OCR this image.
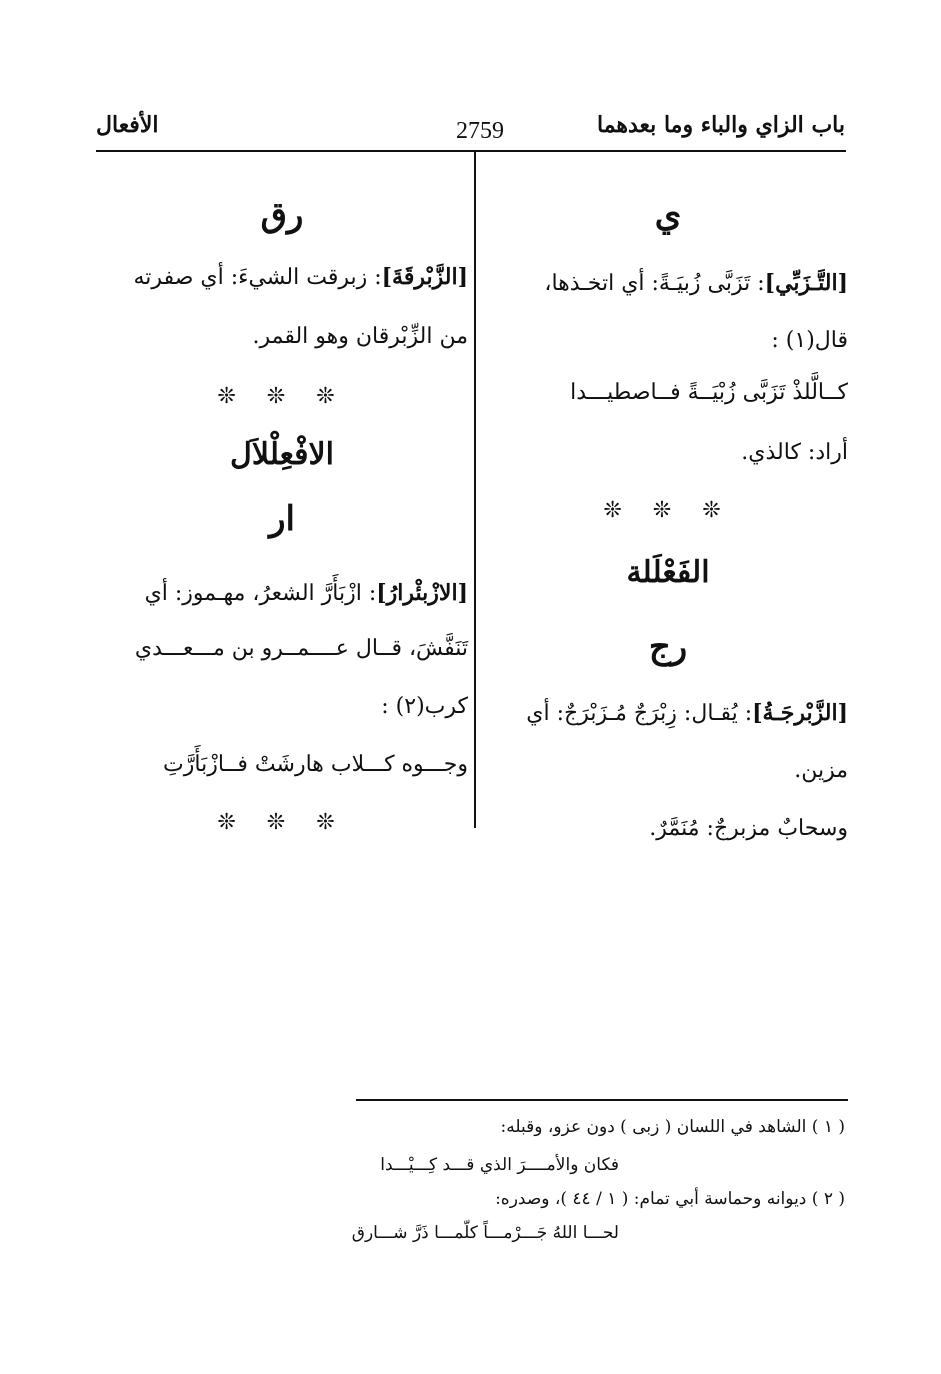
باب الزاي والباء وما بعدهما
2759
الأفعال
ي
[التَّـزَبِّي]: تَزَبَّى زُبيَـةً: أي اتخـذها،
قال(١) :
كــالَّلذْ تَزَبَّى زُبْيَــةً فــاصطيـــدا
أراد: كالذي.
❊ ❊ ❊
الفَعْلَلة
رج
[الزَّبْرجَـةُ]: يُقـال: زِبْرَجٌ مُـزَبْرَجٌ: أي
مزين.
وسحابٌ مزبرجٌ: مُنَمَّرٌ.
رق
[الزَّبْرقَةَ]: زبرقت الشيءَ: أي صفرته
من الزِّبْرقان وهو القمر.
❊ ❊ ❊
الافْعِلْلاَل
ار
[الازْبئْرارُ]: ازْبَأَرَّ الشعرُ، مهـموز: أي
تَنَفَّشَ، قــال عــــمــرو بن مـــعـــدي
كرب(٢) :
وجـــوه كـــلاب هارشَتْ فــازْبَأَرَّتِ
❊ ❊ ❊
( ١ ) الشاهد في اللسان ( زبى ) دون عزو، وقبله:
فكان والأمــــرَ الذي قـــد كِـــيْـــدا
( ٢ ) ديوانه وحماسة أبي تمام: ( ١ / ٤٤ )، وصدره:
لحـــا اللهُ جَـــرْمـــاً كلّمـــا ذَرَّ شـــارق
